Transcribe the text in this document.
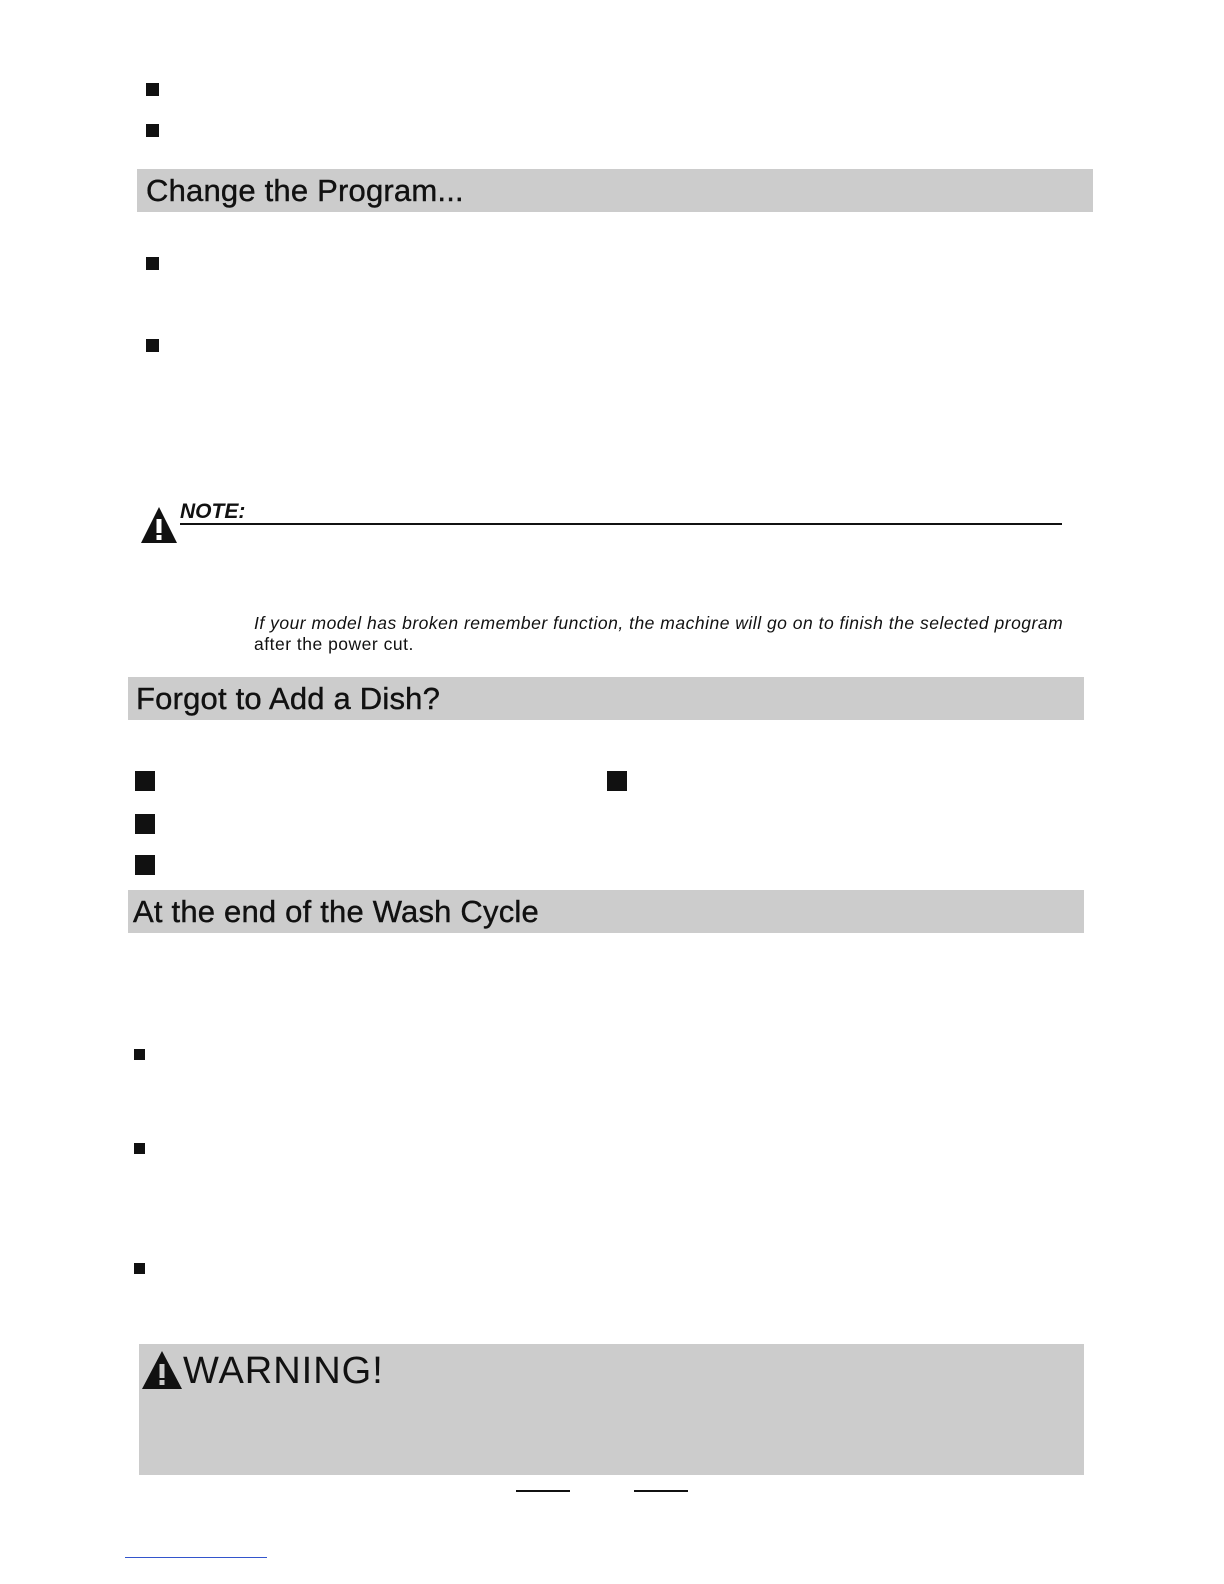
Change the Program...
NOTE:
If your model has broken remember function, the machine will go on to finish the selected program after the power cut.
Forgot to Add a Dish?
At the end of the Wash Cycle
WARNING!
